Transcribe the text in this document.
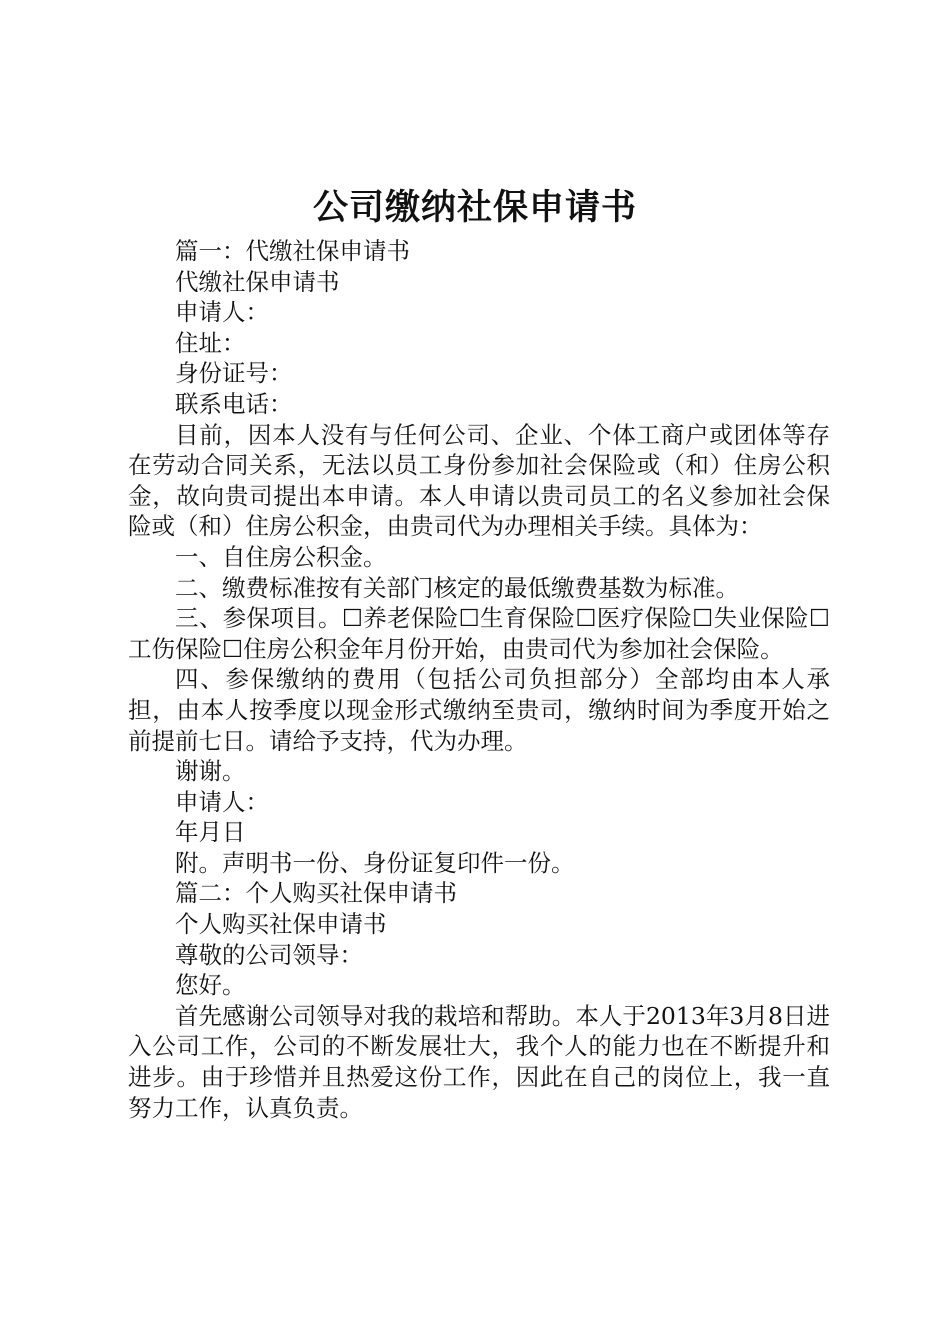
公司缴纳社保申请书

篇一：代缴社保申请书

代缴社保申请书

申请人：

住址：

身份证号：

联系电话：

目前，因本人没有与任何公司、企业、个体工商户或团体等存在劳动合同关系，无法以员工身份参加社会保险或（和）住房公积金，故向贵司提出本申请。本人申请以贵司员工的名义参加社会保险或（和）住房公积金，由贵司代为办理相关手续。具体为：

一、自住房公积金。

二、缴费标准按有关部门核定的最低缴费基数为标准。

三、参保项目。☐养老保险☐生育保险☐医疗保险☐失业保险☐工伤保险☐住房公积金年月份开始，由贵司代为参加社会保险。

四、参保缴纳的费用（包括公司负担部分）全部均由本人承担，由本人按季度以现金形式缴纳至贵司，缴纳时间为季度开始之前提前七日。请给予支持，代为办理。

谢谢。

申请人：

年月日

附。声明书一份、身份证复印件一份。

篇二：个人购买社保申请书

个人购买社保申请书

尊敬的公司领导：

您好。

首先感谢公司领导对我的栽培和帮助。本人于2013年3月8日进入公司工作，公司的不断发展壮大，我个人的能力也在不断提升和进步。由于珍惜并且热爱这份工作，因此在自己的岗位上，我一直努力工作，认真负责。
